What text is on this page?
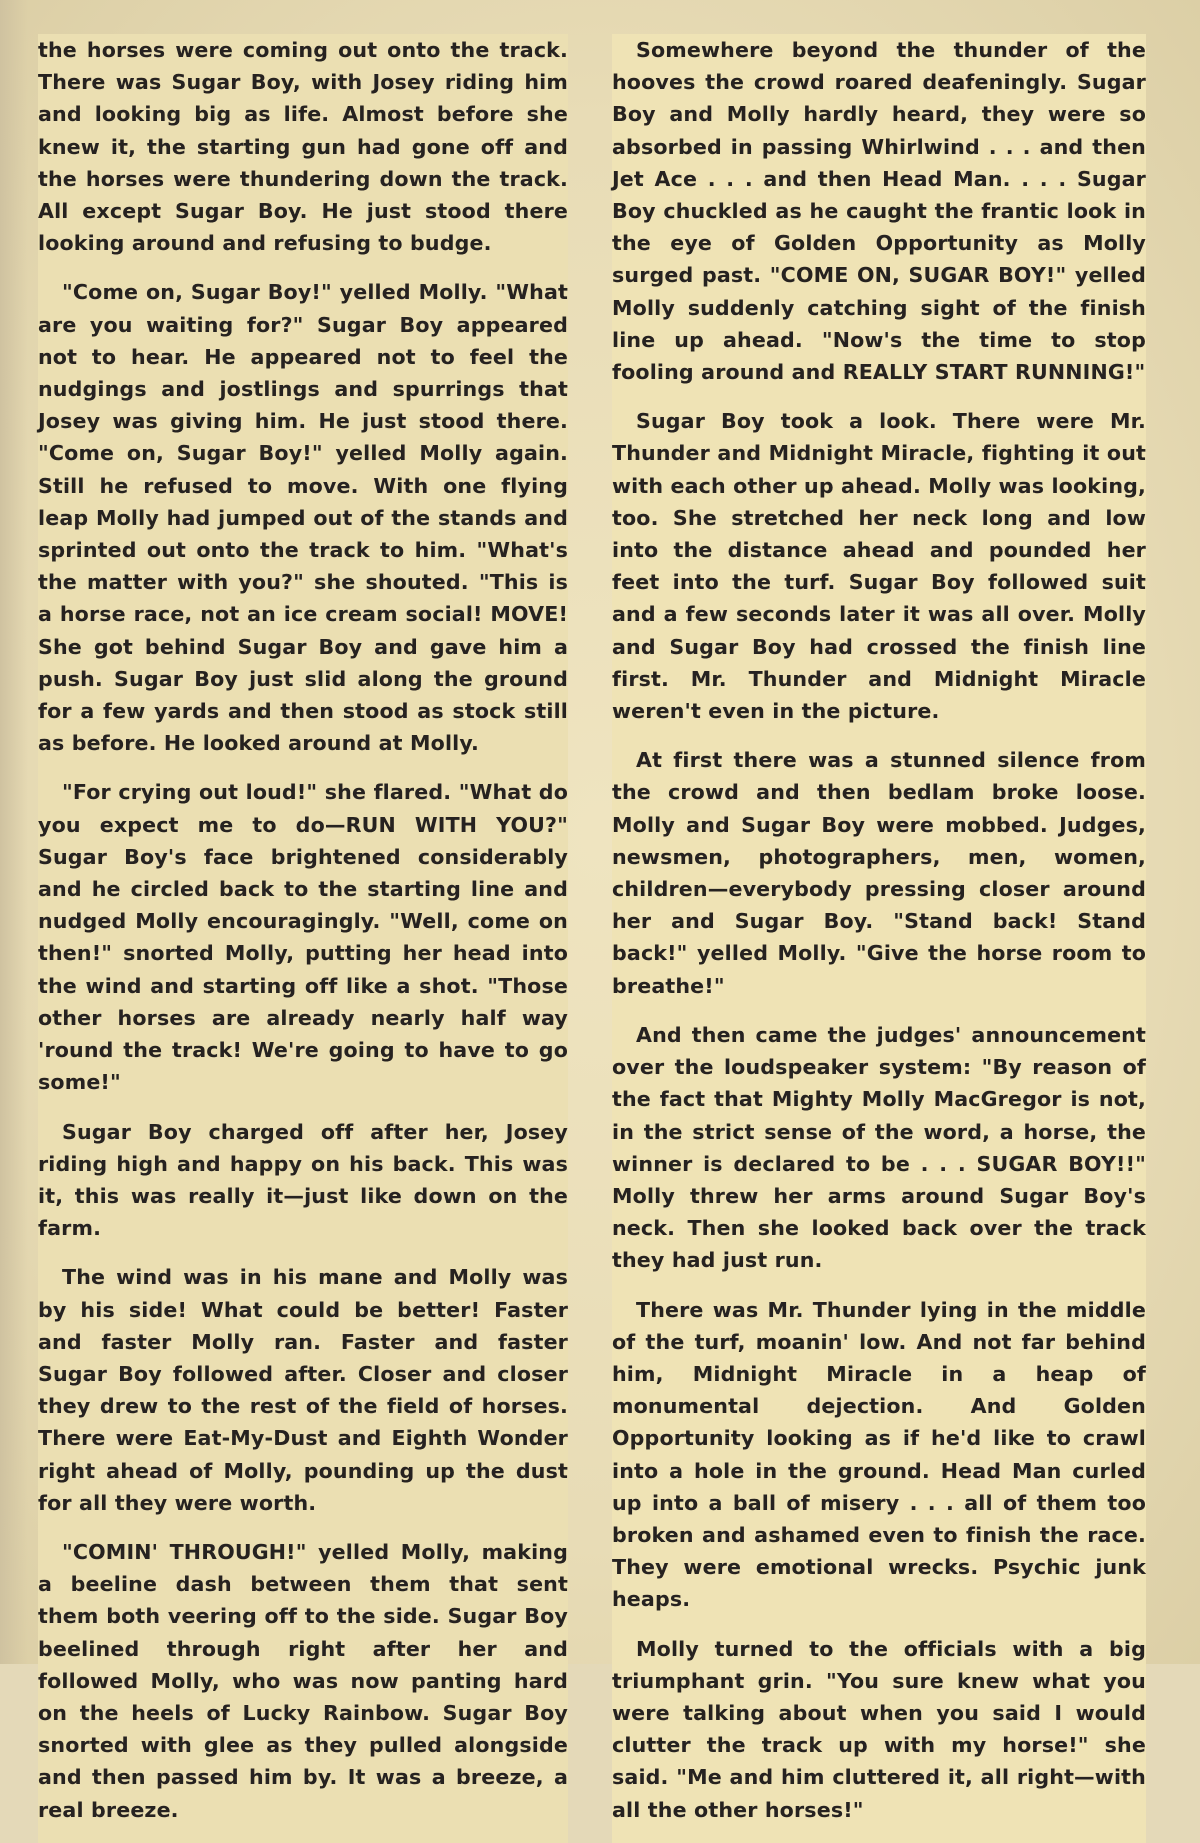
the horses were coming out onto the track. There was Sugar Boy, with Josey riding him and looking big as life. Almost before she knew it, the starting gun had gone off and the horses were thundering down the track. All except Sugar Boy. He just stood there looking around and refusing to budge.

"Come on, Sugar Boy!" yelled Molly. "What are you waiting for?" Sugar Boy appeared not to hear. He appeared not to feel the nudgings and jostlings and spurrings that Josey was giving him. He just stood there. "Come on, Sugar Boy!" yelled Molly again. Still he refused to move. With one flying leap Molly had jumped out of the stands and sprinted out onto the track to him. "What's the matter with you?" she shouted. "This is a horse race, not an ice cream social! MOVE! She got behind Sugar Boy and gave him a push. Sugar Boy just slid along the ground for a few yards and then stood as stock still as before. He looked around at Molly.

"For crying out loud!" she flared. "What do you expect me to do—RUN WITH YOU?" Sugar Boy's face brightened considerably and he circled back to the starting line and nudged Molly encouragingly. "Well, come on then!" snorted Molly, putting her head into the wind and starting off like a shot. "Those other horses are already nearly half way 'round the track! We're going to have to go some!"

Sugar Boy charged off after her, Josey riding high and happy on his back. This was it, this was really it—just like down on the farm.

The wind was in his mane and Molly was by his side! What could be better! Faster and faster Molly ran. Faster and faster Sugar Boy followed after. Closer and closer they drew to the rest of the field of horses. There were Eat-My-Dust and Eighth Wonder right ahead of Molly, pounding up the dust for all they were worth.

"COMIN' THROUGH!" yelled Molly, making a beeline dash between them that sent them both veering off to the side. Sugar Boy beelined through right after her and followed Molly, who was now panting hard on the heels of Lucky Rainbow. Sugar Boy snorted with glee as they pulled alongside and then passed him by. It was a breeze, a real breeze.

Somewhere beyond the thunder of the hooves the crowd roared deafeningly. Sugar Boy and Molly hardly heard, they were so absorbed in passing Whirlwind . . . and then Jet Ace . . . and then Head Man. . . . Sugar Boy chuckled as he caught the frantic look in the eye of Golden Opportunity as Molly surged past. "COME ON, SUGAR BOY!" yelled Molly suddenly catching sight of the finish line up ahead. "Now's the time to stop fooling around and REALLY START RUNNING!"

Sugar Boy took a look. There were Mr. Thunder and Midnight Miracle, fighting it out with each other up ahead. Molly was looking, too. She stretched her neck long and low into the distance ahead and pounded her feet into the turf. Sugar Boy followed suit and a few seconds later it was all over. Molly and Sugar Boy had crossed the finish line first. Mr. Thunder and Midnight Miracle weren't even in the picture.

At first there was a stunned silence from the crowd and then bedlam broke loose. Molly and Sugar Boy were mobbed. Judges, newsmen, photographers, men, women, children—everybody pressing closer around her and Sugar Boy. "Stand back! Stand back!" yelled Molly. "Give the horse room to breathe!"

And then came the judges' announcement over the loudspeaker system: "By reason of the fact that Mighty Molly MacGregor is not, in the strict sense of the word, a horse, the winner is declared to be . . . SUGAR BOY!!" Molly threw her arms around Sugar Boy's neck. Then she looked back over the track they had just run.

There was Mr. Thunder lying in the middle of the turf, moanin' low. And not far behind him, Midnight Miracle in a heap of monumental dejection. And Golden Opportunity looking as if he'd like to crawl into a hole in the ground. Head Man curled up into a ball of misery . . . all of them too broken and ashamed even to finish the race. They were emotional wrecks. Psychic junk heaps.

Molly turned to the officials with a big triumphant grin. "You sure knew what you were talking about when you said I would clutter the track up with my horse!" she said. "Me and him cluttered it, all right—with all the other horses!"
